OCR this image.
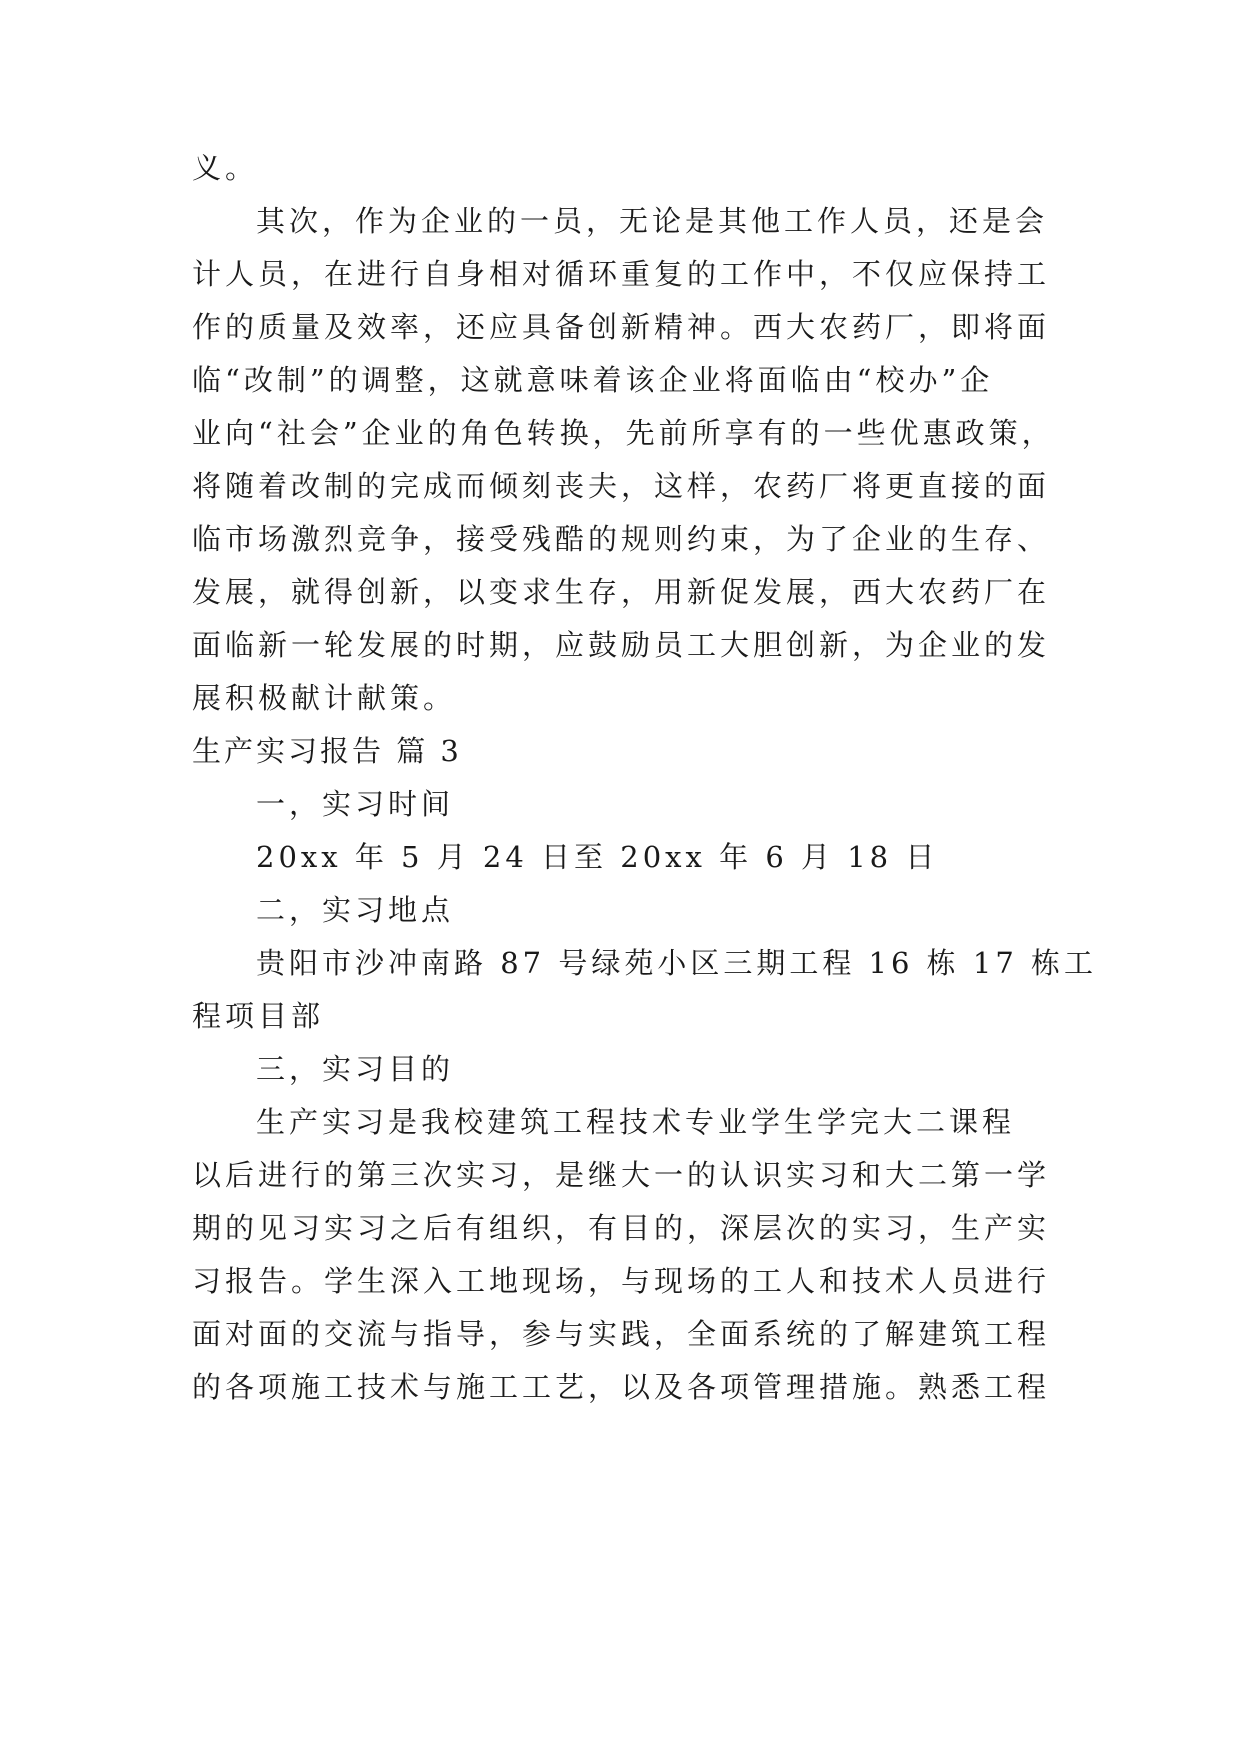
义。
其次，作为企业的一员，无论是其他工作人员，还是会
计人员，在进行自身相对循环重复的工作中，不仅应保持工
作的质量及效率，还应具备创新精神。西大农药厂，即将面
临“改制”的调整，这就意味着该企业将面临由“校办”企
业向“社会”企业的角色转换，先前所享有的一些优惠政策，
将随着改制的完成而倾刻丧夫，这样，农药厂将更直接的面
临市场激烈竞争，接受残酷的规则约束，为了企业的生存、
发展，就得创新，以变求生存，用新促发展，西大农药厂在
面临新一轮发展的时期，应鼓励员工大胆创新，为企业的发
展积极献计献策。
生产实习报告 篇 3
一，实习时间
20xx 年 5 月 24 日至 20xx 年 6 月 18 日
二，实习地点
贵阳市沙冲南路 87 号绿苑小区三期工程 16 栋 17 栋工
程项目部
三，实习目的
生产实习是我校建筑工程技术专业学生学完大二课程
以后进行的第三次实习，是继大一的认识实习和大二第一学
期的见习实习之后有组织，有目的，深层次的实习，生产实
习报告。学生深入工地现场，与现场的工人和技术人员进行
面对面的交流与指导，参与实践，全面系统的了解建筑工程
的各项施工技术与施工工艺，以及各项管理措施。熟悉工程
